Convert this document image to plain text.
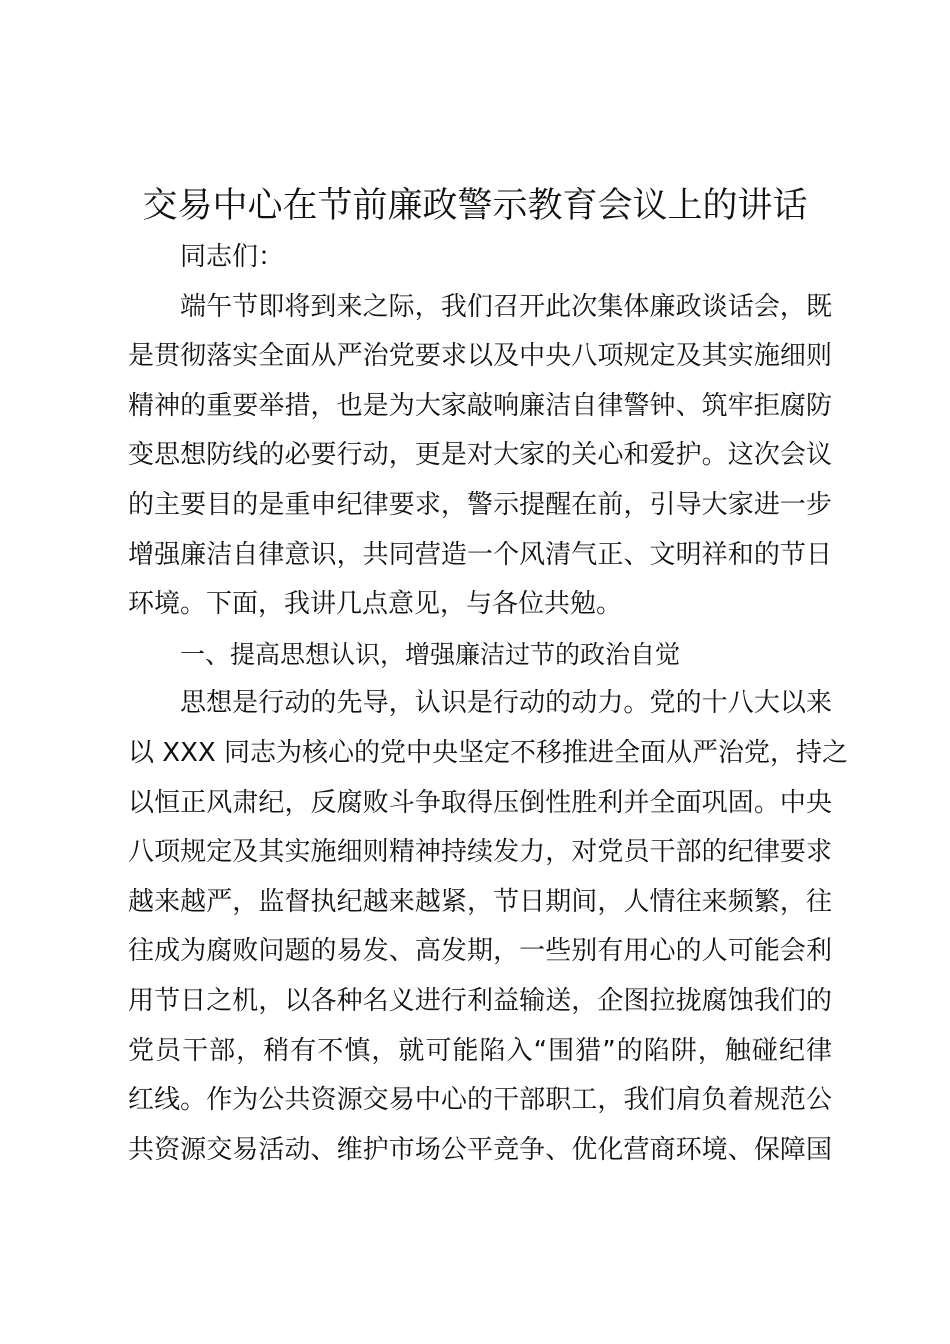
交易中心在节前廉政警示教育会议上的讲话
同志们：
端午节即将到来之际，我们召开此次集体廉政谈话会，既
是贯彻落实全面从严治党要求以及中央八项规定及其实施细则
精神的重要举措，也是为大家敲响廉洁自律警钟、筑牢拒腐防
变思想防线的必要行动，更是对大家的关心和爱护。这次会议
的主要目的是重申纪律要求，警示提醒在前，引导大家进一步
增强廉洁自律意识，共同营造一个风清气正、文明祥和的节日
环境。下面，我讲几点意见，与各位共勉。
一、提高思想认识，增强廉洁过节的政治自觉
思想是行动的先导，认识是行动的动力。党的十八大以来
以 XXX 同志为核心的党中央坚定不移推进全面从严治党，持之
以恒正风肃纪，反腐败斗争取得压倒性胜利并全面巩固。中央
八项规定及其实施细则精神持续发力，对党员干部的纪律要求
越来越严，监督执纪越来越紧，节日期间，人情往来频繁，往
往成为腐败问题的易发、高发期，一些别有用心的人可能会利
用节日之机，以各种名义进行利益输送，企图拉拢腐蚀我们的
党员干部，稍有不慎，就可能陷入“围猎”的陷阱，触碰纪律
红线。作为公共资源交易中心的干部职工，我们肩负着规范公
共资源交易活动、维护市场公平竞争、优化营商环境、保障国
